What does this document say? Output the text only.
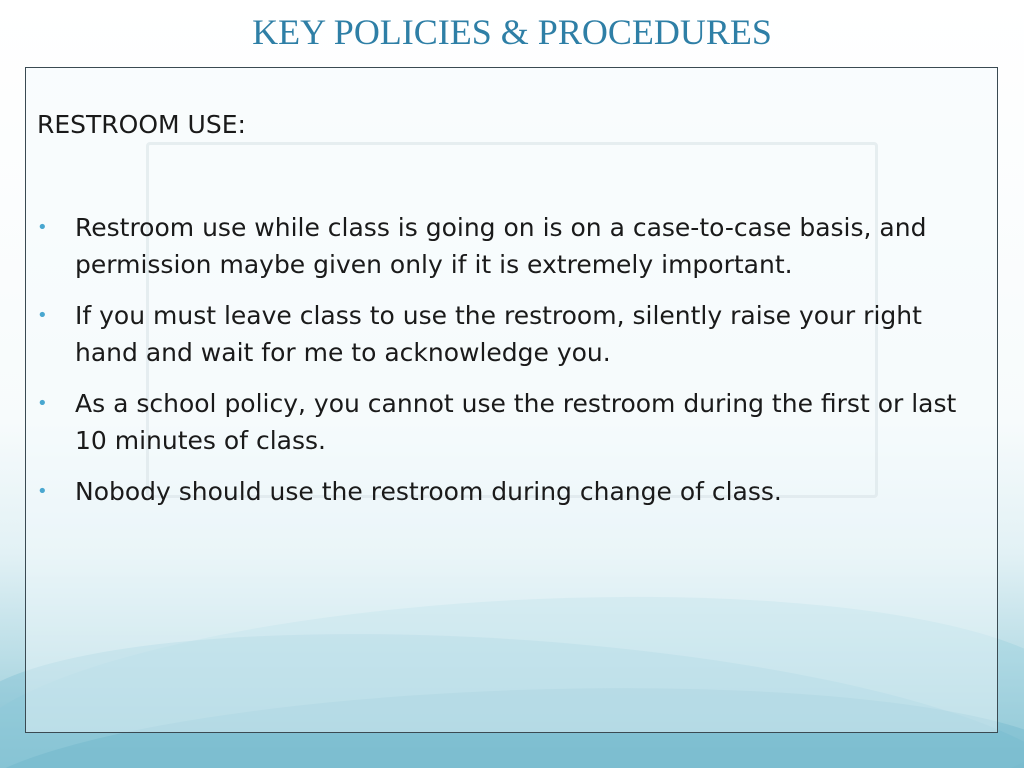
KEY POLICIES & PROCEDURES
RESTROOM USE:
•	Restroom use while class is going on is on a case-to-case basis, and permission maybe given only if it is extremely important.
•	If you must leave class to use the restroom, silently raise your right hand and wait for me to acknowledge you.
•	As a school policy, you cannot use the restroom during the first or last 10 minutes of class.
•	Nobody should use the restroom during change of class.
